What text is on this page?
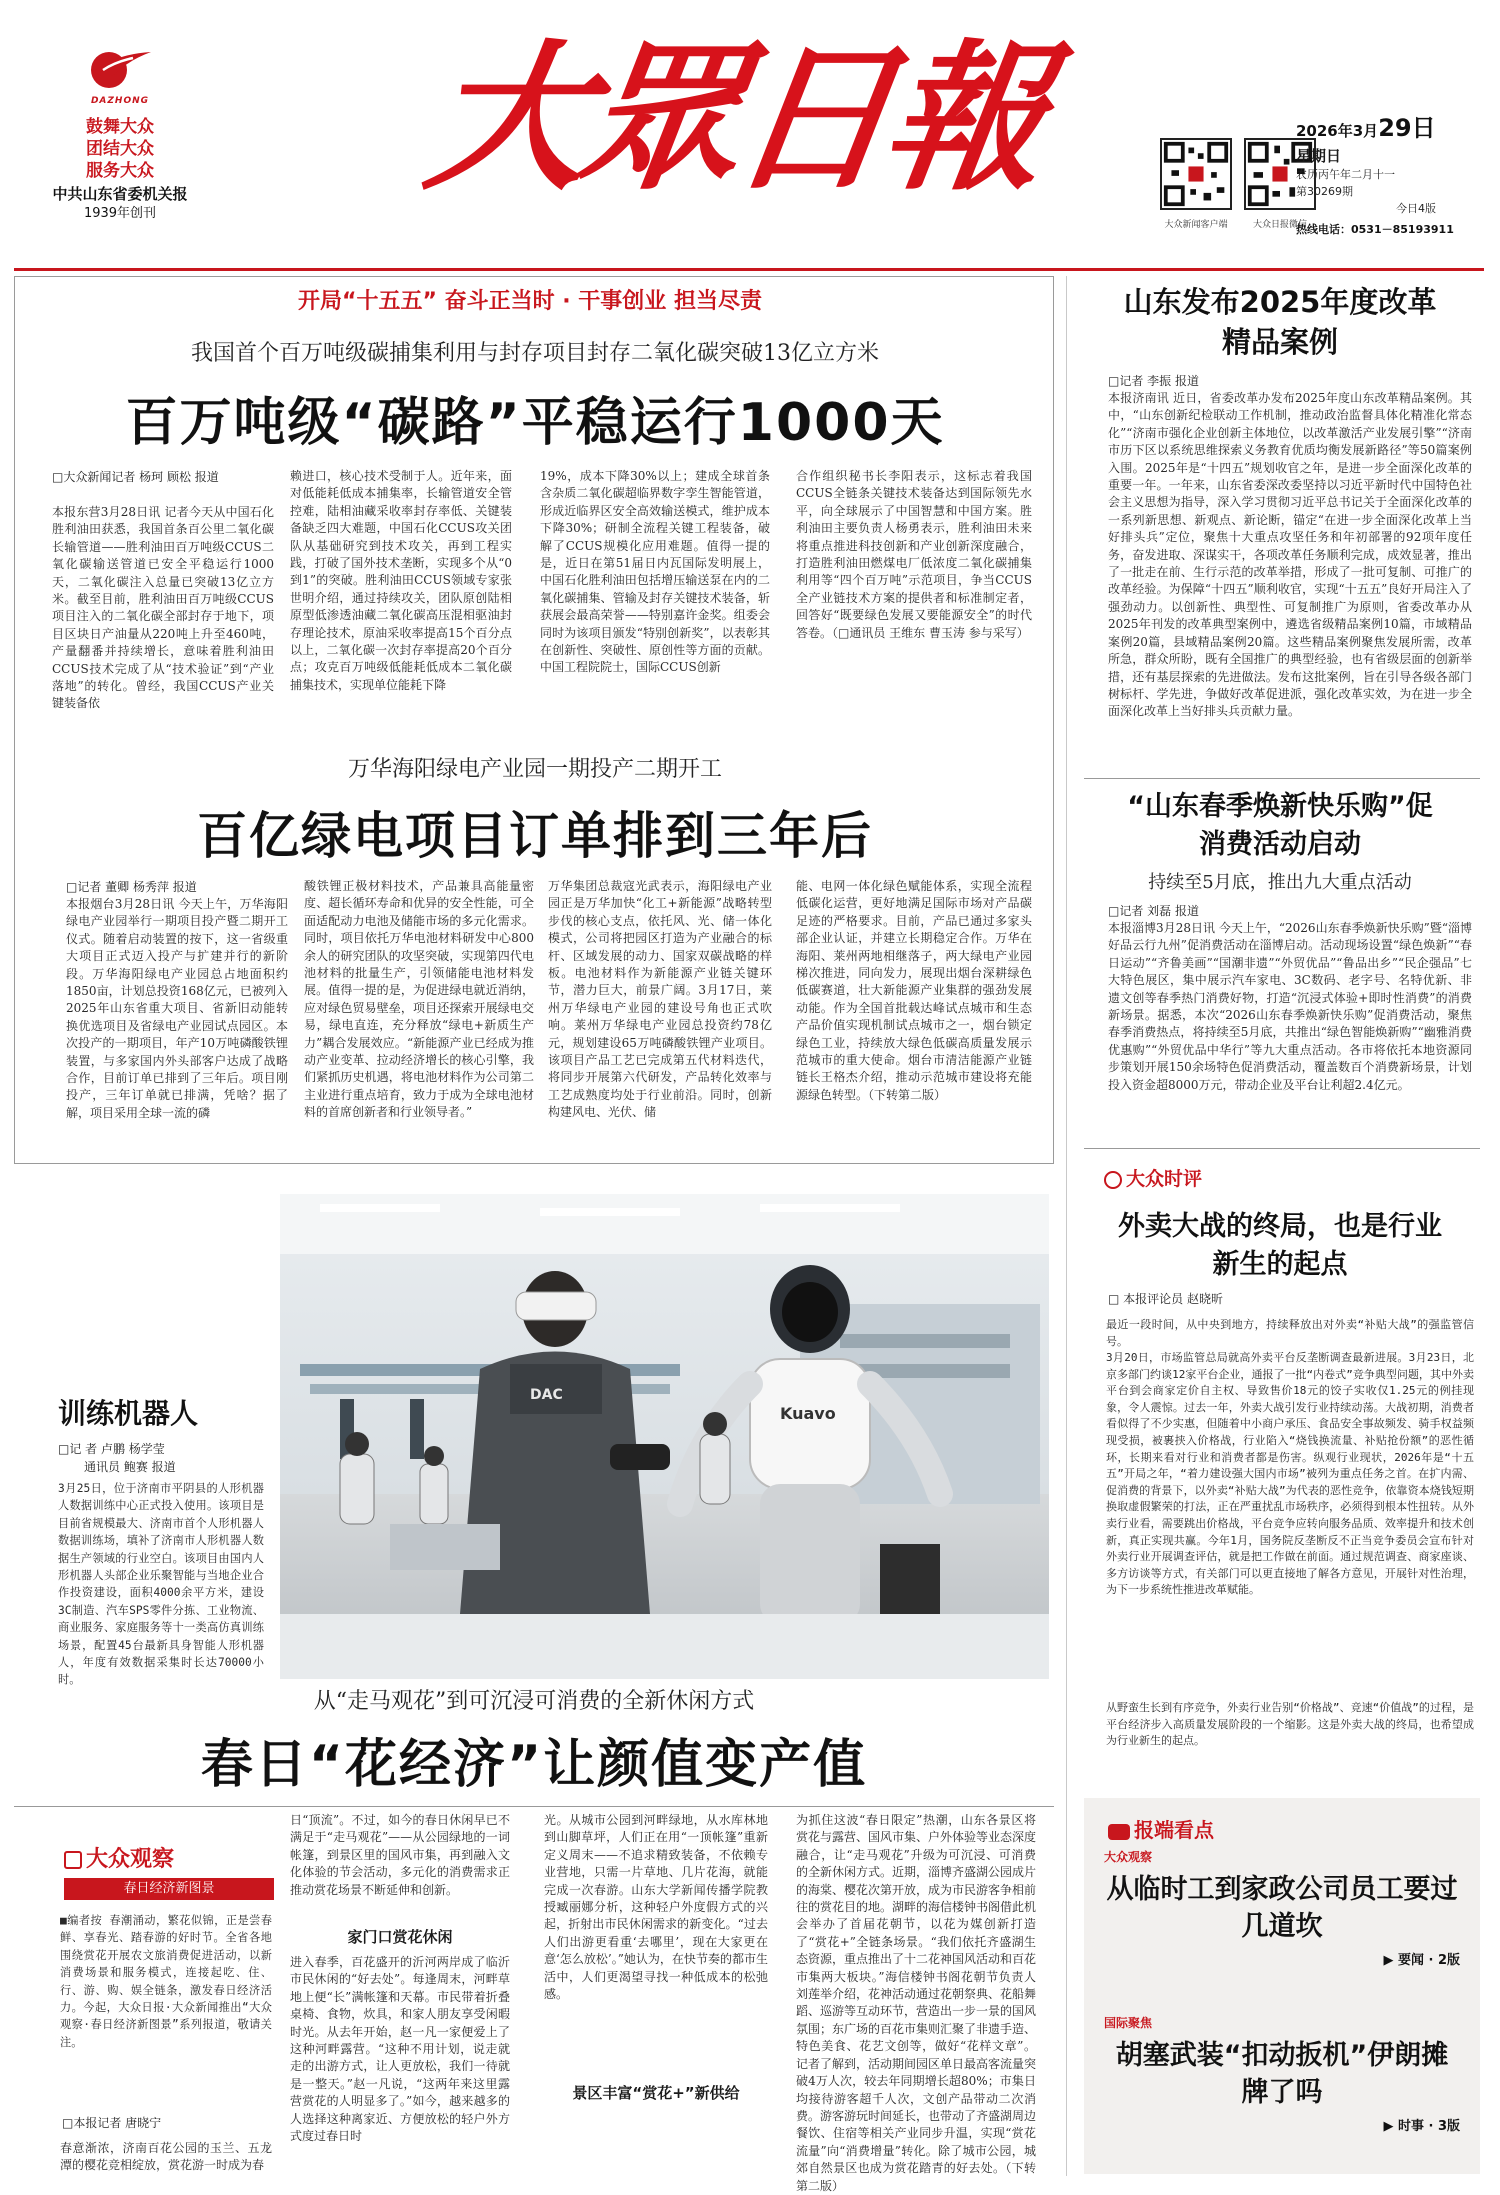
DAZHONG
鼓舞大众
团结大众
服务大众
中共山东省委机关报
1939年创刊
大眾日報
大众新闻客户端	大众日报微信
2026年3月29日
星期日
农历丙午年二月十一
第30269期
今日4版
热线电话：0531－85193911
开局“十五五” 奋斗正当时 · 干事创业 担当尽责
我国首个百万吨级碳捕集利用与封存项目封存二氧化碳突破13亿立方米
百万吨级“碳路”平稳运行1000天
□大众新闻记者 杨珂 顾松 报道
本报东营3月28日讯 记者今天从中国石化胜利油田获悉，我国首条百公里二氧化碳长输管道——胜利油田百万吨级CCUS二氧化碳输送管道已安全平稳运行1000天，二氧化碳注入总量已突破13亿立方米。截至目前，胜利油田百万吨级CCUS项目注入的二氧化碳全部封存于地下，项目区块日产油量从220吨上升至460吨，产量翻番并持续增长，意味着胜利油田CCUS技术完成了从“技术验证”到“产业落地”的转化。曾经，我国CCUS产业关键装备依
赖进口，核心技术受制于人。近年来，面对低能耗低成本捕集率，长输管道安全管控难，陆相油藏采收率封存率低、关键装备缺乏四大难题，中国石化CCUS攻关团队从基础研究到技术攻关，再到工程实践，打破了国外技术垄断，实现多个从“0到1”的突破。胜利油田CCUS领域专家张世明介绍，通过持续攻关，团队原创陆相原型低渗透油藏二氧化碳高压混相驱油封存理论技术，原油采收率提高15个百分点以上，二氧化碳一次封存率提高20个百分点；攻克百万吨级低能耗低成本二氧化碳捕集技术，实现单位能耗下降
19%，成本下降30%以上；建成全球首条含杂质二氧化碳超临界数字孪生智能管道，形成近临界区安全高效输送模式，维护成本下降30%；研制全流程关键工程装备，破解了CCUS规模化应用难题。值得一提的是，近日在第51届日内瓦国际发明展上，中国石化胜利油田包括增压输送泵在内的二氧化碳捕集、管输及封存关键技术装备，斩获展会最高荣誉——特别嘉许金奖。组委会同时为该项目颁发“特别创新奖”，以表彰其在创新性、突破性、原创性等方面的贡献。中国工程院院士，国际CCUS创新
合作组织秘书长李阳表示，这标志着我国CCUS全链条关键技术装备达到国际领先水平，向全球展示了中国智慧和中国方案。胜利油田主要负责人杨勇表示，胜利油田未来将重点推进科技创新和产业创新深度融合，打造胜利油田燃煤电厂低浓度二氧化碳捕集利用等“四个百万吨”示范项目，争当CCUS全产业链技术方案的提供者和标准制定者，回答好“既要绿色发展又要能源安全”的时代答卷。（□通讯员 王维东 曹玉涛 参与采写）
万华海阳绿电产业园一期投产二期开工
百亿绿电项目订单排到三年后
□记者 董卿 杨秀萍 报道
本报烟台3月28日讯 今天上午，万华海阳绿电产业园举行一期项目投产暨二期开工仪式。随着启动装置的按下，这一省级重大项目正式迈入投产与扩建并行的新阶段。万华海阳绿电产业园总占地面积约1850亩，计划总投资168亿元，已被列入2025年山东省重大项目、省新旧动能转换优选项目及省绿电产业园试点园区。本次投产的一期项目，年产10万吨磷酸铁锂装置，与多家国内外头部客户达成了战略合作，目前订单已排到了三年后。项目刚投产，三年订单就已排满，凭啥？据了解，项目采用全球一流的磷
酸铁锂正极材料技术，产品兼具高能量密度、超长循环寿命和优异的安全性能，可全面适配动力电池及储能市场的多元化需求。同时，项目依托万华电池材料研发中心800余人的研究团队的攻坚突破，实现第四代电池材料的批量生产，引领储能电池材料发展。值得一提的是，为促进绿电就近消纳，应对绿色贸易壁垒，项目还探索开展绿电交易，绿电直连，充分释放“绿电+新质生产力”耦合发展效应。“新能源产业已经成为推动产业变革、拉动经济增长的核心引擎，我们紧抓历史机遇，将电池材料作为公司第二主业进行重点培育，致力于成为全球电池材料的首席创新者和行业领导者。”
万华集团总裁寇光武表示，海阳绿电产业园正是万华加快“化工+新能源”战略转型步伐的核心支点，依托风、光、储一体化模式，公司将把园区打造为产业融合的标杆、区域发展的动力、国家双碳战略的样板。电池材料作为新能源产业链关键环节，潜力巨大，前景广阔。3月17日，莱州万华绿电产业园的建设号角也正式吹响。莱州万华绿电产业园总投资约78亿元，规划建设65万吨磷酸铁锂产业项目。该项目产品工艺已完成第五代材料迭代，将同步开展第六代研发，产品转化效率与工艺成熟度均处于行业前沿。同时，创新构建风电、光伏、储
能、电网一体化绿色赋能体系，实现全流程低碳化运营，更好地满足国际市场对产品碳足迹的严格要求。目前，产品已通过多家头部企业认证，并建立长期稳定合作。万华在海阳、莱州两地相继落子，两大绿电产业园梯次推进，同向发力，展现出烟台深耕绿色低碳赛道，壮大新能源产业集群的强劲发展动能。作为全国首批载达峰试点城市和生态产品价值实现机制试点城市之一，烟台锁定绿色工业，持续放大绿色低碳高质量发展示范城市的重大使命。烟台市清洁能源产业链链长王格杰介绍，推动示范城市建设将充能源绿色转型。（下转第二版）
训练机器人
□记 者 卢鹏 杨学莹
通讯员 鲍赛 报道
3月25日，位于济南市平阴县的人形机器人数据训练中心正式投入使用。该项目是目前省规模最大、济南市首个人形机器人数据训练场，填补了济南市人形机器人数据生产领域的行业空白。该项目由国内人形机器人头部企业乐聚智能与当地企业合作投资建设，面积4000余平方米，建设3C制造、汽车SPS零件分拣、工业物流、商业服务、家庭服务等十一类高仿真训练场景，配置45台最新具身智能人形机器人，年度有效数据采集时长达70000小时。
DAC
Kuavo
从“走马观花”到可沉浸可消费的全新休闲方式
春日“花经济”让颜值变产值
大众观察
春日经济新图景
■编者按 春潮涌动，繁花似锦，正是尝春鲜、享春光、踏春游的好时节。全省各地围绕赏花开展农文旅消费促进活动，以新消费场景和服务模式，连接起吃、住、行、游、购、娱全链条，激发春日经济活力。今起，大众日报·大众新闻推出“大众观察·春日经济新图景”系列报道，敬请关注。
□本报记者 唐晓宁
春意渐浓，济南百花公园的玉兰、五龙潭的樱花竞相绽放，赏花游一时成为春
日“顶流”。不过，如今的春日休闲早已不满足于“走马观花”——从公园绿地的一词帐篷，到景区里的国风市集，再到融入文化体验的节会活动，多元化的消费需求正推动赏花场景不断延伸和创新。
家门口赏花休闲
进入春季，百花盛开的沂河两岸成了临沂市民休闲的“好去处”。每逢周末，河畔草地上便“长”满帐篷和天幕。市民带着折叠桌椅、食物，炊具，和家人朋友享受闲暇时光。从去年开始，赵一凡一家便爱上了这种河畔露营。“这种不用计划，说走就走的出游方式，让人更放松，我们一待就是一整天。”赵一凡说，“这两年来这里露营赏花的人明显多了。”如今，越来越多的人选择这种离家近、方便放松的轻户外方式度过春日时
光。从城市公园到河畔绿地，从水库林地到山脚草坪，人们正在用“一顶帐篷”重新定义周末——不追求精致装备，不依赖专业营地，只需一片草地、几片花海，就能完成一次春游。山东大学新闻传播学院教授臧丽娜分析，这种轻户外度假方式的兴起，折射出市民休闲需求的新变化。“过去人们出游更看重‘去哪里’，现在大家更在意‘怎么放松’。”她认为，在快节奏的都市生活中，人们更渴望寻找一种低成本的松弛感。
景区丰富“赏花+”新供给
为抓住这波“春日限定”热潮，山东各景区将赏花与露营、国风市集、户外体验等业态深度融合，让“走马观花”升级为可沉浸、可消费的全新休闲方式。近期，淄博齐盛湖公园成片的海棠、樱花次第开放，成为市民游客争相前往的赏花目的地。湖畔的海信楼钟书阁借此机会举办了首届花朝节，以花为媒创新打造了“赏花+”全链条场景。“我们依托齐盛湖生态资源，重点推出了十二花神国风活动和百花市集两大板块。”海信楼钟书阁花朝节负责人刘莲举介绍，花神活动通过花朝祭典、花船舞蹈、巡游等互动环节，营造出一步一景的国风氛围；东广场的百花市集则汇聚了非遗手造、特色美食、花艺文创等，做好“花样文章”。记者了解到，活动期间园区单日最高客流量突破4万人次，较去年同期增长超80%；市集日均接待游客超千人次，文创产品带动二次消费。游客游玩时间延长，也带动了齐盛湖周边餐饮、住宿等相关产业同步升温，实现“赏花流量”向“消费增量”转化。除了城市公园，城郊自然景区也成为赏花踏青的好去处。（下转第二版）
山东发布2025年度改革精品案例
□记者 李振 报道
本报济南讯 近日，省委改革办发布2025年度山东改革精品案例。其中，“山东创新纪检联动工作机制，推动政治监督具体化精准化常态化”“济南市强化企业创新主体地位，以改革激活产业发展引擎”“济南市历下区以系统思维探索义务教育优质均衡发展新路径”等50篇案例入围。2025年是“十四五”规划收官之年，是进一步全面深化改革的重要一年。一年来，山东省委深改委坚持以习近平新时代中国特色社会主义思想为指导，深入学习贯彻习近平总书记关于全面深化改革的一系列新思想、新观点、新论断，锚定“在进一步全面深化改革上当好排头兵”定位，聚焦十大重点攻坚任务和年初部署的92项年度任务，奋发进取、深谋实干，各项改革任务顺利完成，成效显著，推出了一批走在前、生行示范的改革举措，形成了一批可复制、可推广的改革经验。为保障“十四五”顺利收官，实现“十五五”良好开局注入了强劲动力。以创新性、典型性、可复制推广为原则，省委改革办从2025年刊发的改革典型案例中，遴选省级精品案例10篇，市域精品案例20篇，县域精品案例20篇。这些精品案例聚焦发展所需，改革所急，群众所盼，既有全国推广的典型经验，也有省级层面的创新举措，还有基层探索的先进做法。发布这批案例，旨在引导各级各部门树标杆、学先进，争做好改革促进派，强化改革实效，为在进一步全面深化改革上当好排头兵贡献力量。
“山东春季焕新快乐购”促消费活动启动
持续至5月底，推出九大重点活动
□记者 刘磊 报道
本报淄博3月28日讯 今天上午，“2026山东春季焕新快乐购”暨“淄博好品云行九州”促消费活动在淄博启动。活动现场设置“绿色焕新”“春日运动”“齐鲁美画”“国潮非遗”“外贸优品”“鲁品出乡”“民企强品”七大特色展区，集中展示汽车家电、3C数码、老字号、名特优新、非遗文创等春季热门消费好物，打造“沉浸式体验+即时性消费”的消费新场景。据悉，本次“2026山东春季焕新快乐购”促消费活动，聚焦春季消费热点，将持续至5月底，共推出“绿色智能焕新购”“幽雅消费优惠购”“外贸优品中华行”等九大重点活动。各市将依托本地资源同步策划开展150余场特色促消费活动，覆盖数百个消费新场景，计划投入资金超8000万元，带动企业及平台让利超2.4亿元。
大众时评
外卖大战的终局，也是行业新生的起点
□ 本报评论员 赵晓昕
最近一段时间，从中央到地方，持续释放出对外卖“补贴大战”的强监管信号。
3月20日，市场监管总局就高外卖平台反垄断调查最新进展。3月23日，北京多部门约谈12家平台企业，通报了一批“内卷式”竞争典型问题，其中外卖平台到会商家定价自主权、导致售价18元的饺子实收仅1.25元的例挂现象，令人震惊。过去一年，外卖大战引发行业持续动荡。大战初期，消费者看似得了不少实惠，但随着中小商户承压、食品安全事故频发、骑手权益频现受损，被裹挟入价格战，行业陷入“烧钱换流量、补贴抢份额”的恶性循环，长期来看对行业和消费者都是伤害。纵观行业现状，2026年是“十五五”开局之年，“着力建设强大国内市场”被列为重点任务之首。在扩内需、促消费的背景下，以外卖“补贴大战”为代表的恶性竞争，依靠资本烧钱短期换取虚假繁荣的打法，正在严重扰乱市场秩序，必须得到根本性扭转。从外卖行业看，需要跳出价格战，平台竞争应转向服务品质、效率提升和技术创新，真正实现共赢。今年1月，国务院反垄断反不正当竞争委员会宣布针对外卖行业开展调查评估，就是把工作做在前面。通过规范调查、商家座谈、多方访谈等方式，有关部门可以更直接地了解各方意见，开展针对性治理，为下一步系统性推进改革赋能。
从野蛮生长到有序竞争，外卖行业告别“价格战”、竞速“价值战”的过程，是平台经济步入高质量发展阶段的一个缩影。这是外卖大战的终局，也希望成为行业新生的起点。
报端看点
大众观察
从临时工到家政公司员工要过几道坎
▶ 要闻 · 2版
国际聚焦
胡塞武装“扣动扳机”伊朗摊牌了吗
▶ 时事 · 3版
